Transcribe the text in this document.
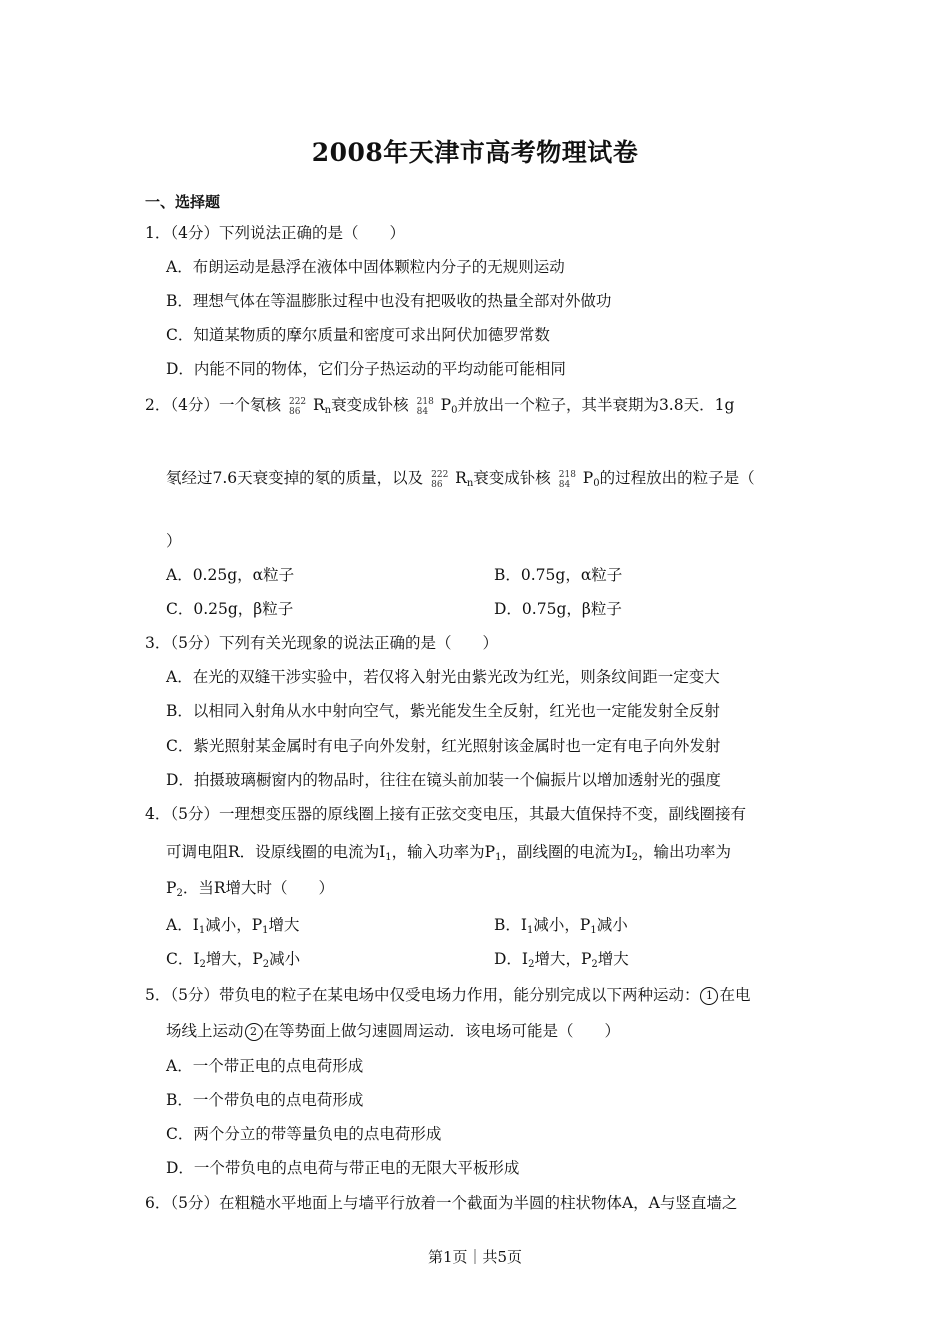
2008年天津市高考物理试卷
一、选择题
1．（4分）下列说法正确的是（　　）
A．布朗运动是悬浮在液体中固体颗粒内分子的无规则运动
B．理想气体在等温膨胀过程中也没有把吸收的热量全部对外做功
C．知道某物质的摩尔质量和密度可求出阿伏加德罗常数
D．内能不同的物体，它们分子热运动的平均动能可能相同
2．（4分）一个氡核 222
86 $R_n$衰变成钋核 218
84 $P_0$并放出一个粒子，其半衰期为3.8天．1g
氡经过7.6天衰变掉的氡的质量，以及 222
86 $R_n$衰变成钋核 218
84 $P_0$的过程放出的粒子是（
）
A．0.25g，α粒子	B．0.75g，α粒子
C．0.25g，β粒子	D．0.75g，β粒子
3．（5分）下列有关光现象的说法正确的是（　　）
A．在光的双缝干涉实验中，若仅将入射光由紫光改为红光，则条纹间距一定变大
B．以相同入射角从水中射向空气，紫光能发生全反射，红光也一定能发射全反射
C．紫光照射某金属时有电子向外发射，红光照射该金属时也一定有电子向外发射
D．拍摄玻璃橱窗内的物品时，往往在镜头前加装一个偏振片以增加透射光的强度
4．（5分）一理想变压器的原线圈上接有正弦交变电压，其最大值保持不变，副线圈接有
可调电阻R．设原线圈的电流为$I_1$，输入功率为$P_1$，副线圈的电流为$I_2$，输出功率为
$P_2$．当R增大时（　　）
A．$I_1$减小，$P_1$增大	B．$I_1$减小，$P_1$减小
C．$I_2$增大，$P_2$减小	D．$I_2$增大，$P_2$增大
5．（5分）带负电的粒子在某电场中仅受电场力作用，能分别完成以下两种运动： 1 在电
场线上运动 2 在等势面上做匀速圆周运动．该电场可能是（　　）
A．一个带正电的点电荷形成
B．一个带负电的点电荷形成
C．两个分立的带等量负电的点电荷形成
D．一个带负电的点电荷与带正电的无限大平板形成
6．（5分）在粗糙水平地面上与墙平行放着一个截面为半圆的柱状物体A，A与竖直墙之
第1页｜共5页
